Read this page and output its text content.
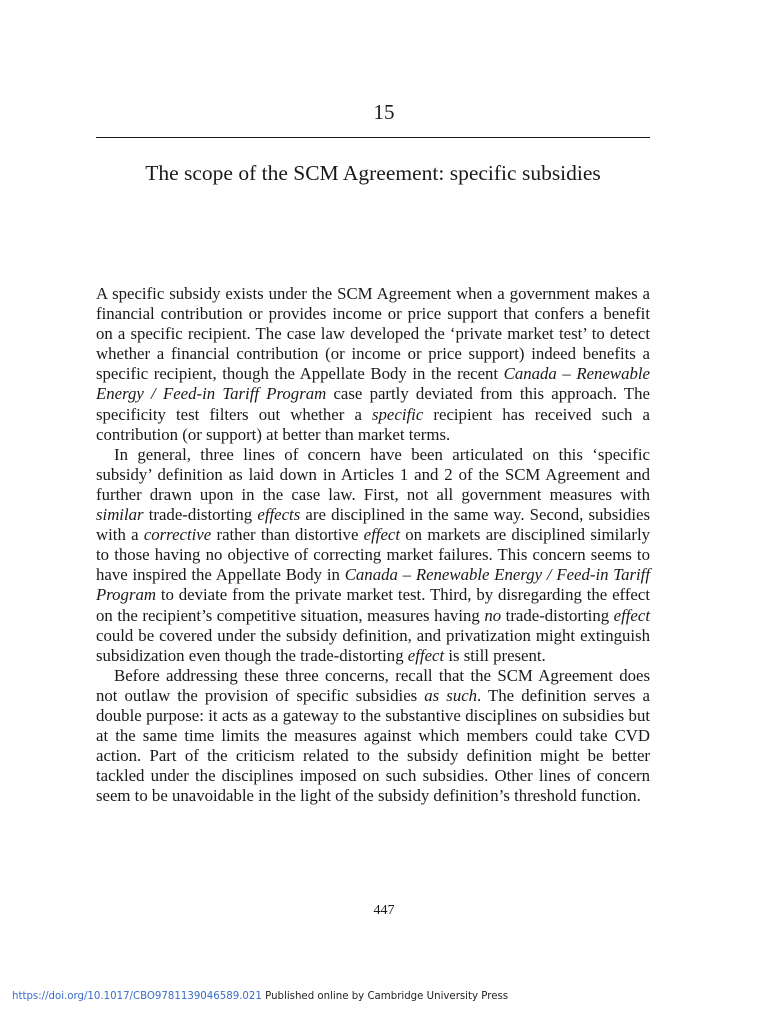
15
The scope of the SCM Agreement: specific subsidies

A specific subsidy exists under the SCM Agreement when a government makes a financial contribution or provides income or price support that confers a benefit on a specific recipient. The case law developed the ‘private market test’ to detect whether a financial contribution (or income or price support) indeed benefits a specific recipient, though the Appellate Body in the recent Canada – Renewable Energy / Feed-in Tariff Program case partly deviated from this approach. The specificity test filters out whether a specific recipient has received such a contribution (or support) at better than market terms.

In general, three lines of concern have been articulated on this ‘specific subsidy’ definition as laid down in Articles 1 and 2 of the SCM Agreement and further drawn upon in the case law. First, not all government measures with similar trade-distorting effects are disciplined in the same way. Second, subsidies with a corrective rather than distortive effect on markets are disciplined similarly to those having no objective of correcting market failures. This concern seems to have inspired the Appellate Body in Canada – Renewable Energy / Feed-in Tariff Program to deviate from the private market test. Third, by disregarding the effect on the recipient’s competitive situation, measures having no trade-distorting effect could be covered under the subsidy definition, and privatization might extinguish subsidization even though the trade-distorting effect is still present.

Before addressing these three concerns, recall that the SCM Agreement does not outlaw the provision of specific subsidies as such. The definition serves a double purpose: it acts as a gateway to the substantive disciplines on subsidies but at the same time limits the measures against which members could take CVD action. Part of the criticism related to the subsidy definition might be better tackled under the disciplines imposed on such subsidies. Other lines of concern seem to be unavoidable in the light of the subsidy definition’s threshold function.

447
https://doi.org/10.1017/CBO9781139046589.021 Published online by Cambridge University Press
